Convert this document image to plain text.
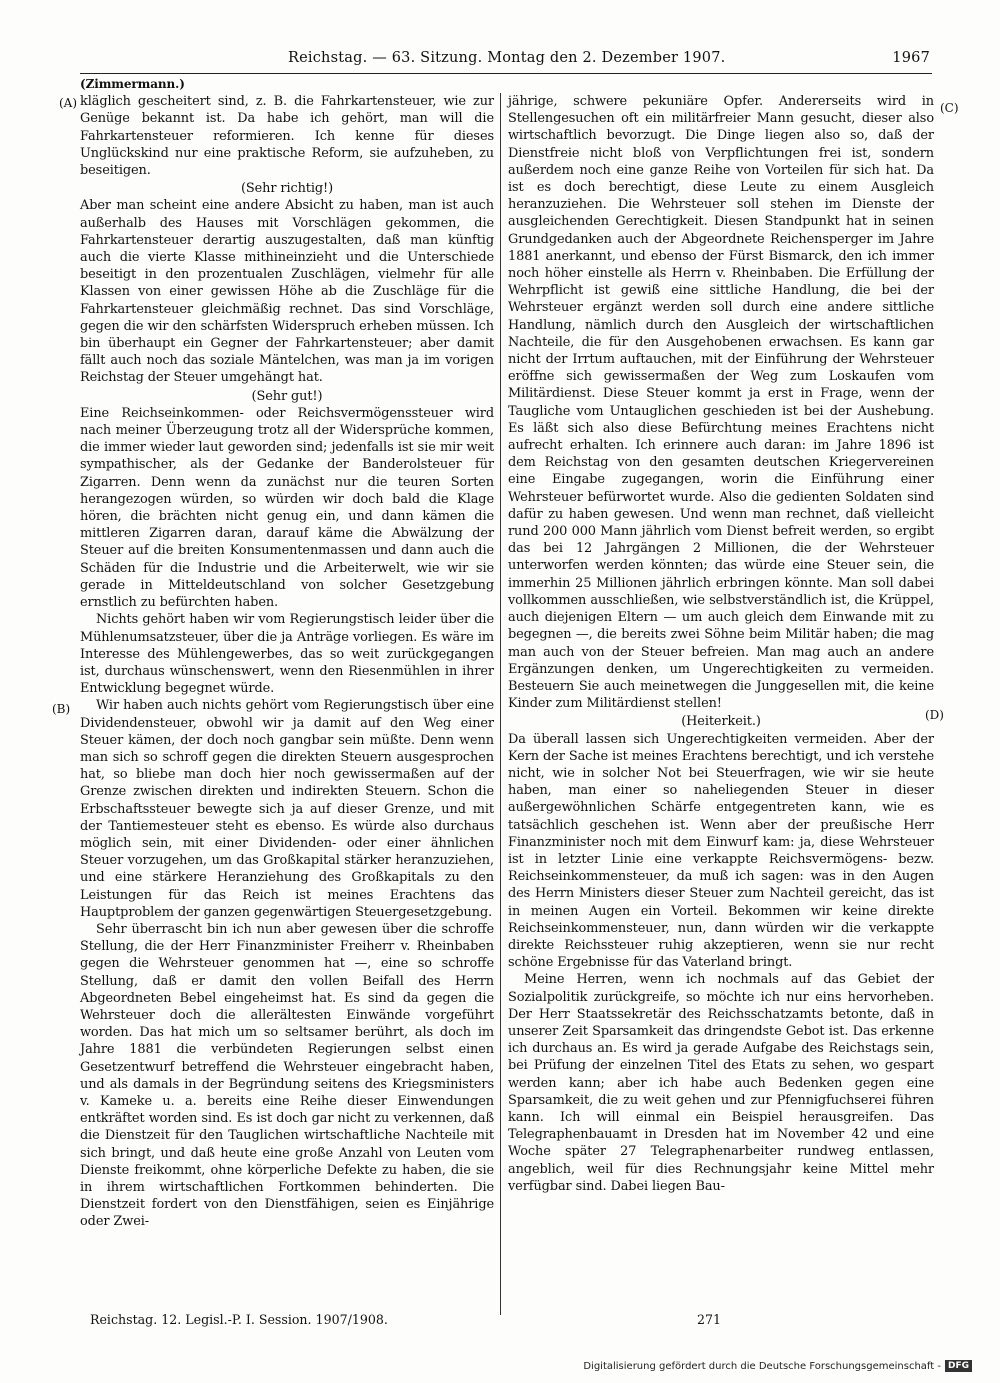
Reichstag. — 63. Sitzung. Montag den 2. Dezember 1907.	1967
(A)
(B)
(C)
(D)
(Zimmermann.)

kläglich gescheitert sind, z. B. die Fahrkartensteuer, wie zur Genüge bekannt ist. Da habe ich gehört, man will die Fahrkartensteuer reformieren. Ich kenne für dieses Unglückskind nur eine praktische Reform, sie aufzuheben, zu beseitigen.

(Sehr richtig!)

Aber man scheint eine andere Absicht zu haben, man ist auch außerhalb des Hauses mit Vorschlägen gekommen, die Fahrkartensteuer derartig auszugestalten, daß man künftig auch die vierte Klasse mithineinzieht und die Unterschiede beseitigt in den prozentualen Zuschlägen, vielmehr für alle Klassen von einer gewissen Höhe ab die Zuschläge für die Fahrkartensteuer gleichmäßig rechnet. Das sind Vorschläge, gegen die wir den schärfsten Widerspruch erheben müssen. Ich bin überhaupt ein Gegner der Fahrkartensteuer; aber damit fällt auch noch das soziale Mäntelchen, was man ja im vorigen Reichstag der Steuer umgehängt hat.

(Sehr gut!)

Eine Reichseinkommen- oder Reichsvermögenssteuer wird nach meiner Überzeugung trotz all der Widersprüche kommen, die immer wieder laut geworden sind; jedenfalls ist sie mir weit sympathischer, als der Gedanke der Banderolsteuer für Zigarren. Denn wenn da zunächst nur die teuren Sorten herangezogen würden, so würden wir doch bald die Klage hören, die brächten nicht genug ein, und dann kämen die mittleren Zigarren daran, darauf käme die Abwälzung der Steuer auf die breiten Konsumentenmassen und dann auch die Schäden für die Industrie und die Arbeiterwelt, wie wir sie gerade in Mitteldeutschland von solcher Gesetzgebung ernstlich zu befürchten haben.

Nichts gehört haben wir vom Regierungstisch leider über die Mühlenumsatzsteuer, über die ja Anträge vorliegen. Es wäre im Interesse des Mühlengewerbes, das so weit zurückgegangen ist, durchaus wünschenswert, wenn den Riesenmühlen in ihrer Entwicklung begegnet würde.

Wir haben auch nichts gehört vom Regierungstisch über eine Dividendensteuer, obwohl wir ja damit auf den Weg einer Steuer kämen, der doch noch gangbar sein müßte. Denn wenn man sich so schroff gegen die direkten Steuern ausgesprochen hat, so bliebe man doch hier noch gewissermaßen auf der Grenze zwischen direkten und indirekten Steuern. Schon die Erbschaftssteuer bewegte sich ja auf dieser Grenze, und mit der Tantiemesteuer steht es ebenso. Es würde also durchaus möglich sein, mit einer Dividenden- oder einer ähnlichen Steuer vorzugehen, um das Großkapital stärker heranzuziehen, und eine stärkere Heranziehung des Großkapitals zu den Leistungen für das Reich ist meines Erachtens das Hauptproblem der ganzen gegenwärtigen Steuergesetzgebung.

Sehr überrascht bin ich nun aber gewesen über die schroffe Stellung, die der Herr Finanzminister Freiherr v. Rheinbaben gegen die Wehrsteuer genommen hat —, eine so schroffe Stellung, daß er damit den vollen Beifall des Herrn Abgeordneten Bebel eingeheimst hat. Es sind da gegen die Wehrsteuer doch die allerältesten Einwände vorgeführt worden. Das hat mich um so seltsamer berührt, als doch im Jahre 1881 die verbündeten Regierungen selbst einen Gesetzentwurf betreffend die Wehrsteuer eingebracht haben, und als damals in der Begründung seitens des Kriegsministers v. Kameke u. a. bereits eine Reihe dieser Einwendungen entkräftet worden sind. Es ist doch gar nicht zu verkennen, daß die Dienstzeit für den Tauglichen wirtschaftliche Nachteile mit sich bringt, und daß heute eine große Anzahl von Leuten vom Dienste freikommt, ohne körperliche Defekte zu haben, die sie in ihrem wirtschaftlichen Fortkommen behinderten. Die Dienstzeit fordert von den Dienstfähigen, seien es Einjährige oder Zwei-

jährige, schwere pekuniäre Opfer. Andererseits wird in Stellengesuchen oft ein militärfreier Mann gesucht, dieser also wirtschaftlich bevorzugt. Die Dinge liegen also so, daß der Dienstfreie nicht bloß von Verpflichtungen frei ist, sondern außerdem noch eine ganze Reihe von Vorteilen für sich hat. Da ist es doch berechtigt, diese Leute zu einem Ausgleich heranzuziehen. Die Wehrsteuer soll stehen im Dienste der ausgleichenden Gerechtigkeit. Diesen Standpunkt hat in seinen Grundgedanken auch der Abgeordnete Reichensperger im Jahre 1881 anerkannt, und ebenso der Fürst Bismarck, den ich immer noch höher einstelle als Herrn v. Rheinbaben. Die Erfüllung der Wehrpflicht ist gewiß eine sittliche Handlung, die bei der Wehrsteuer ergänzt werden soll durch eine andere sittliche Handlung, nämlich durch den Ausgleich der wirtschaftlichen Nachteile, die für den Ausgehobenen erwachsen. Es kann gar nicht der Irrtum auftauchen, mit der Einführung der Wehrsteuer eröffne sich gewissermaßen der Weg zum Loskaufen vom Militärdienst. Diese Steuer kommt ja erst in Frage, wenn der Taugliche vom Untauglichen geschieden ist bei der Aushebung. Es läßt sich also diese Befürchtung meines Erachtens nicht aufrecht erhalten. Ich erinnere auch daran: im Jahre 1896 ist dem Reichstag von den gesamten deutschen Kriegervereinen eine Eingabe zugegangen, worin die Einführung einer Wehrsteuer befürwortet wurde. Also die gedienten Soldaten sind dafür zu haben gewesen. Und wenn man rechnet, daß vielleicht rund 200 000 Mann jährlich vom Dienst befreit werden, so ergibt das bei 12 Jahrgängen 2 Millionen, die der Wehrsteuer unterworfen werden könnten; das würde eine Steuer sein, die immerhin 25 Millionen jährlich erbringen könnte. Man soll dabei vollkommen ausschließen, wie selbstverständlich ist, die Krüppel, auch diejenigen Eltern — um auch gleich dem Einwande mit zu begegnen —, die bereits zwei Söhne beim Militär haben; die mag man auch von der Steuer befreien. Man mag auch an andere Ergänzungen denken, um Ungerechtigkeiten zu vermeiden. Besteuern Sie auch meinetwegen die Junggesellen mit, die keine Kinder zum Militärdienst stellen!

(Heiterkeit.)

Da überall lassen sich Ungerechtigkeiten vermeiden. Aber der Kern der Sache ist meines Erachtens berechtigt, und ich verstehe nicht, wie in solcher Not bei Steuerfragen, wie wir sie heute haben, man einer so naheliegenden Steuer in dieser außergewöhnlichen Schärfe entgegentreten kann, wie es tatsächlich geschehen ist. Wenn aber der preußische Herr Finanzminister noch mit dem Einwurf kam: ja, diese Wehrsteuer ist in letzter Linie eine verkappte Reichsvermögens- bezw. Reichseinkommensteuer, da muß ich sagen: was in den Augen des Herrn Ministers dieser Steuer zum Nachteil gereicht, das ist in meinen Augen ein Vorteil. Bekommen wir keine direkte Reichseinkommensteuer, nun, dann würden wir die verkappte direkte Reichssteuer ruhig akzeptieren, wenn sie nur recht schöne Ergebnisse für das Vaterland bringt.

Meine Herren, wenn ich nochmals auf das Gebiet der Sozialpolitik zurückgreife, so möchte ich nur eins hervorheben. Der Herr Staatssekretär des Reichsschatzamts betonte, daß in unserer Zeit Sparsamkeit das dringendste Gebot ist. Das erkenne ich durchaus an. Es wird ja gerade Aufgabe des Reichstags sein, bei Prüfung der einzelnen Titel des Etats zu sehen, wo gespart werden kann; aber ich habe auch Bedenken gegen eine Sparsamkeit, die zu weit gehen und zur Pfennigfuchserei führen kann. Ich will einmal ein Beispiel herausgreifen. Das Telegraphenbauamt in Dresden hat im November 42 und eine Woche später 27 Telegraphenarbeiter rundweg entlassen, angeblich, weil für dies Rechnungsjahr keine Mittel mehr verfügbar sind. Dabei liegen Bau-

Reichstag. 12. Legisl.-P. I. Session. 1907/1908.	271
Digitalisierung gefördert durch die Deutsche Forschungsgemeinschaft - DFG
